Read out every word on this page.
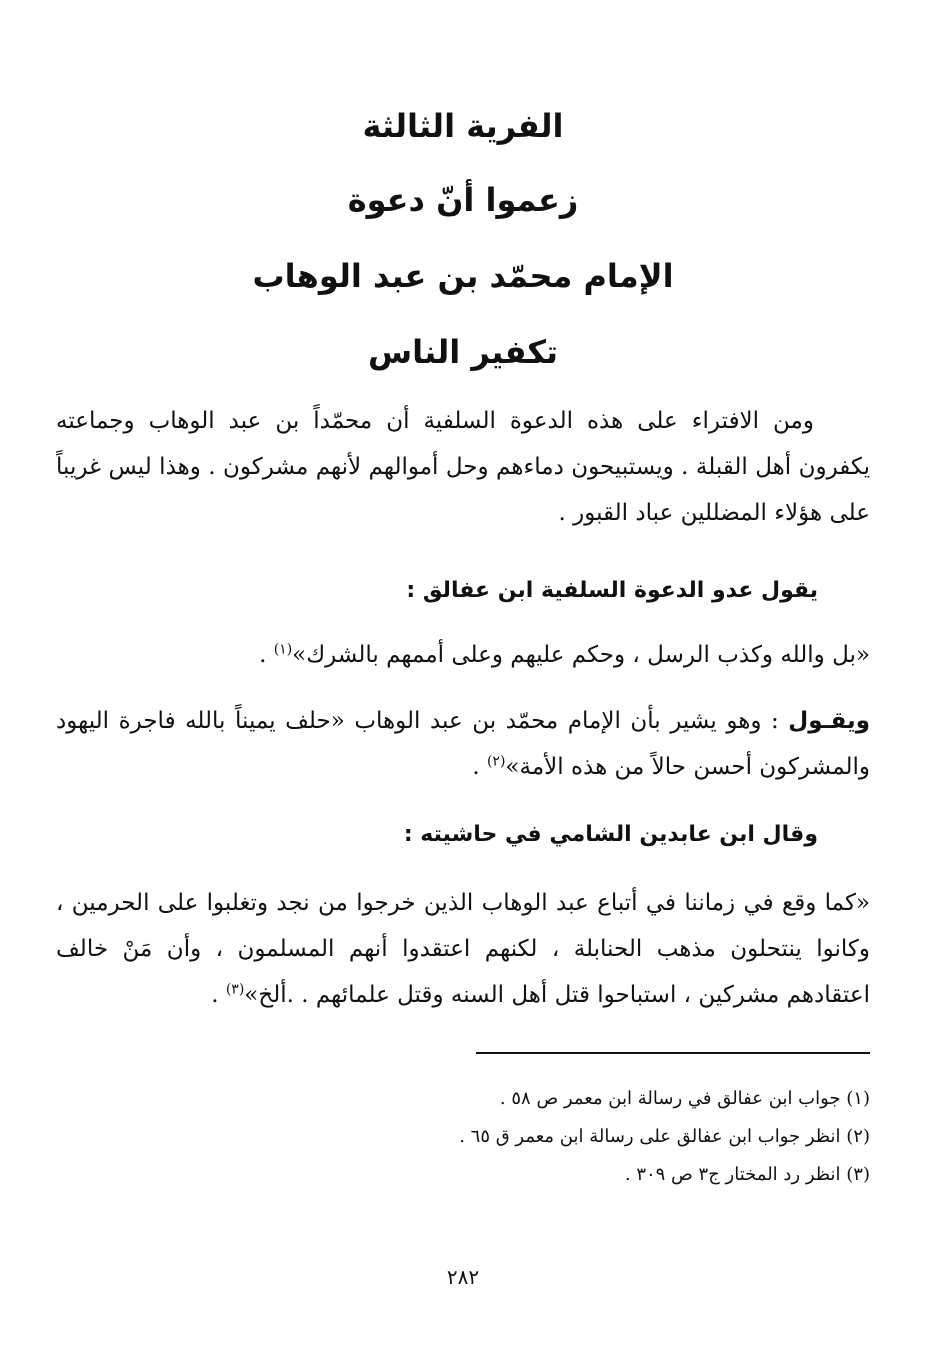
الفرية الثالثة
زعموا أنّ دعوة
الإمام محمّد بن عبد الوهاب
تكفير الناس
ومن الافتراء على هذه الدعوة السلفية أن محمّداً بن عبد الوهاب وجماعته يكفرون أهل القبلة . ويستبيحون دماءهم وحل أموالهم لأنهم مشركون . وهذا ليس غريباً على هؤلاء المضللين عباد القبور .
يقول عدو الدعوة السلفية ابن عفالق :
«بل والله وكذب الرسل ، وحكم عليهم وعلى أممهم بالشرك»$^{(١)}$ .
ويقـول : وهو يشير بأن الإمام محمّد بن عبد الوهاب «حلف يميناً بالله فاجرة اليهود والمشركون أحسن حالاً من هذه الأمة»$^{(٢)}$ .
وقال ابن عابدين الشامي في حاشيته :
«كما وقع في زماننا في أتباع عبد الوهاب الذين خرجوا من نجد وتغلبوا على الحرمين ، وكانوا ينتحلون مذهب الحنابلة ، لكنهم اعتقدوا أنهم المسلمون ، وأن مَنْ خالف اعتقادهم مشركين ، استباحوا قتل أهل السنه وقتل علمائهم . .ألخ»$^{(٣)}$ .
(١) جواب ابن عفالق في رسالة ابن معمر ص ٥٨ .
(٢) انظر جواب ابن عفالق على رسالة ابن معمر ق ٦٥ .
(٣) انظر رد المختار ج٣ ص ٣٠٩ .
٢٨٢
